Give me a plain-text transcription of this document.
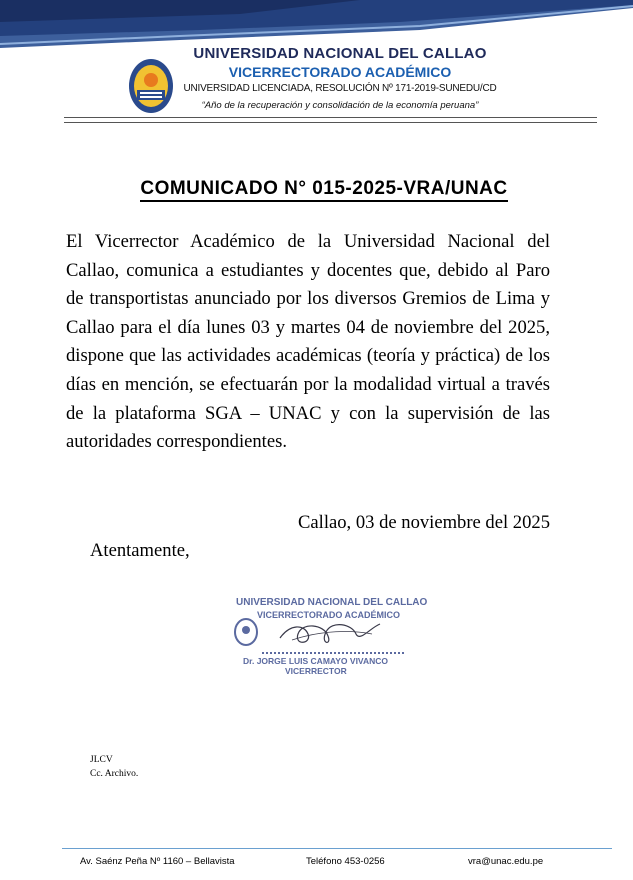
UNIVERSIDAD NACIONAL DEL CALLAO
VICERRECTORADO ACADÉMICO
UNIVERSIDAD LICENCIADA, RESOLUCIÓN Nº 171-2019-SUNEDU/CD
“Año de la recuperación y consolidación de la economía peruana”
COMUNICADO N° 015-2025-VRA/UNAC
El Vicerrector Académico de la Universidad Nacional del Callao, comunica a estudiantes y docentes que, debido al Paro de transportistas anunciado por los diversos Gremios de Lima y Callao para el día lunes 03 y martes 04 de noviembre del 2025, dispone que las actividades académicas (teoría y práctica) de los días en mención, se efectuarán por la modalidad virtual a través de la plataforma SGA – UNAC y con la supervisión de las autoridades correspondientes.
Callao, 03 de noviembre del 2025
Atentamente,
UNIVERSIDAD NACIONAL DEL CALLAO
VICERRECTORADO ACADÉMICO
Dr. JORGE LUIS CAMAYO VIVANCO
VICERRECTOR
JLCV
Cc. Archivo.
Av. Saénz Peña Nº 1160 – Bellavista	Teléfono 453-0256	vra@unac.edu.pe
